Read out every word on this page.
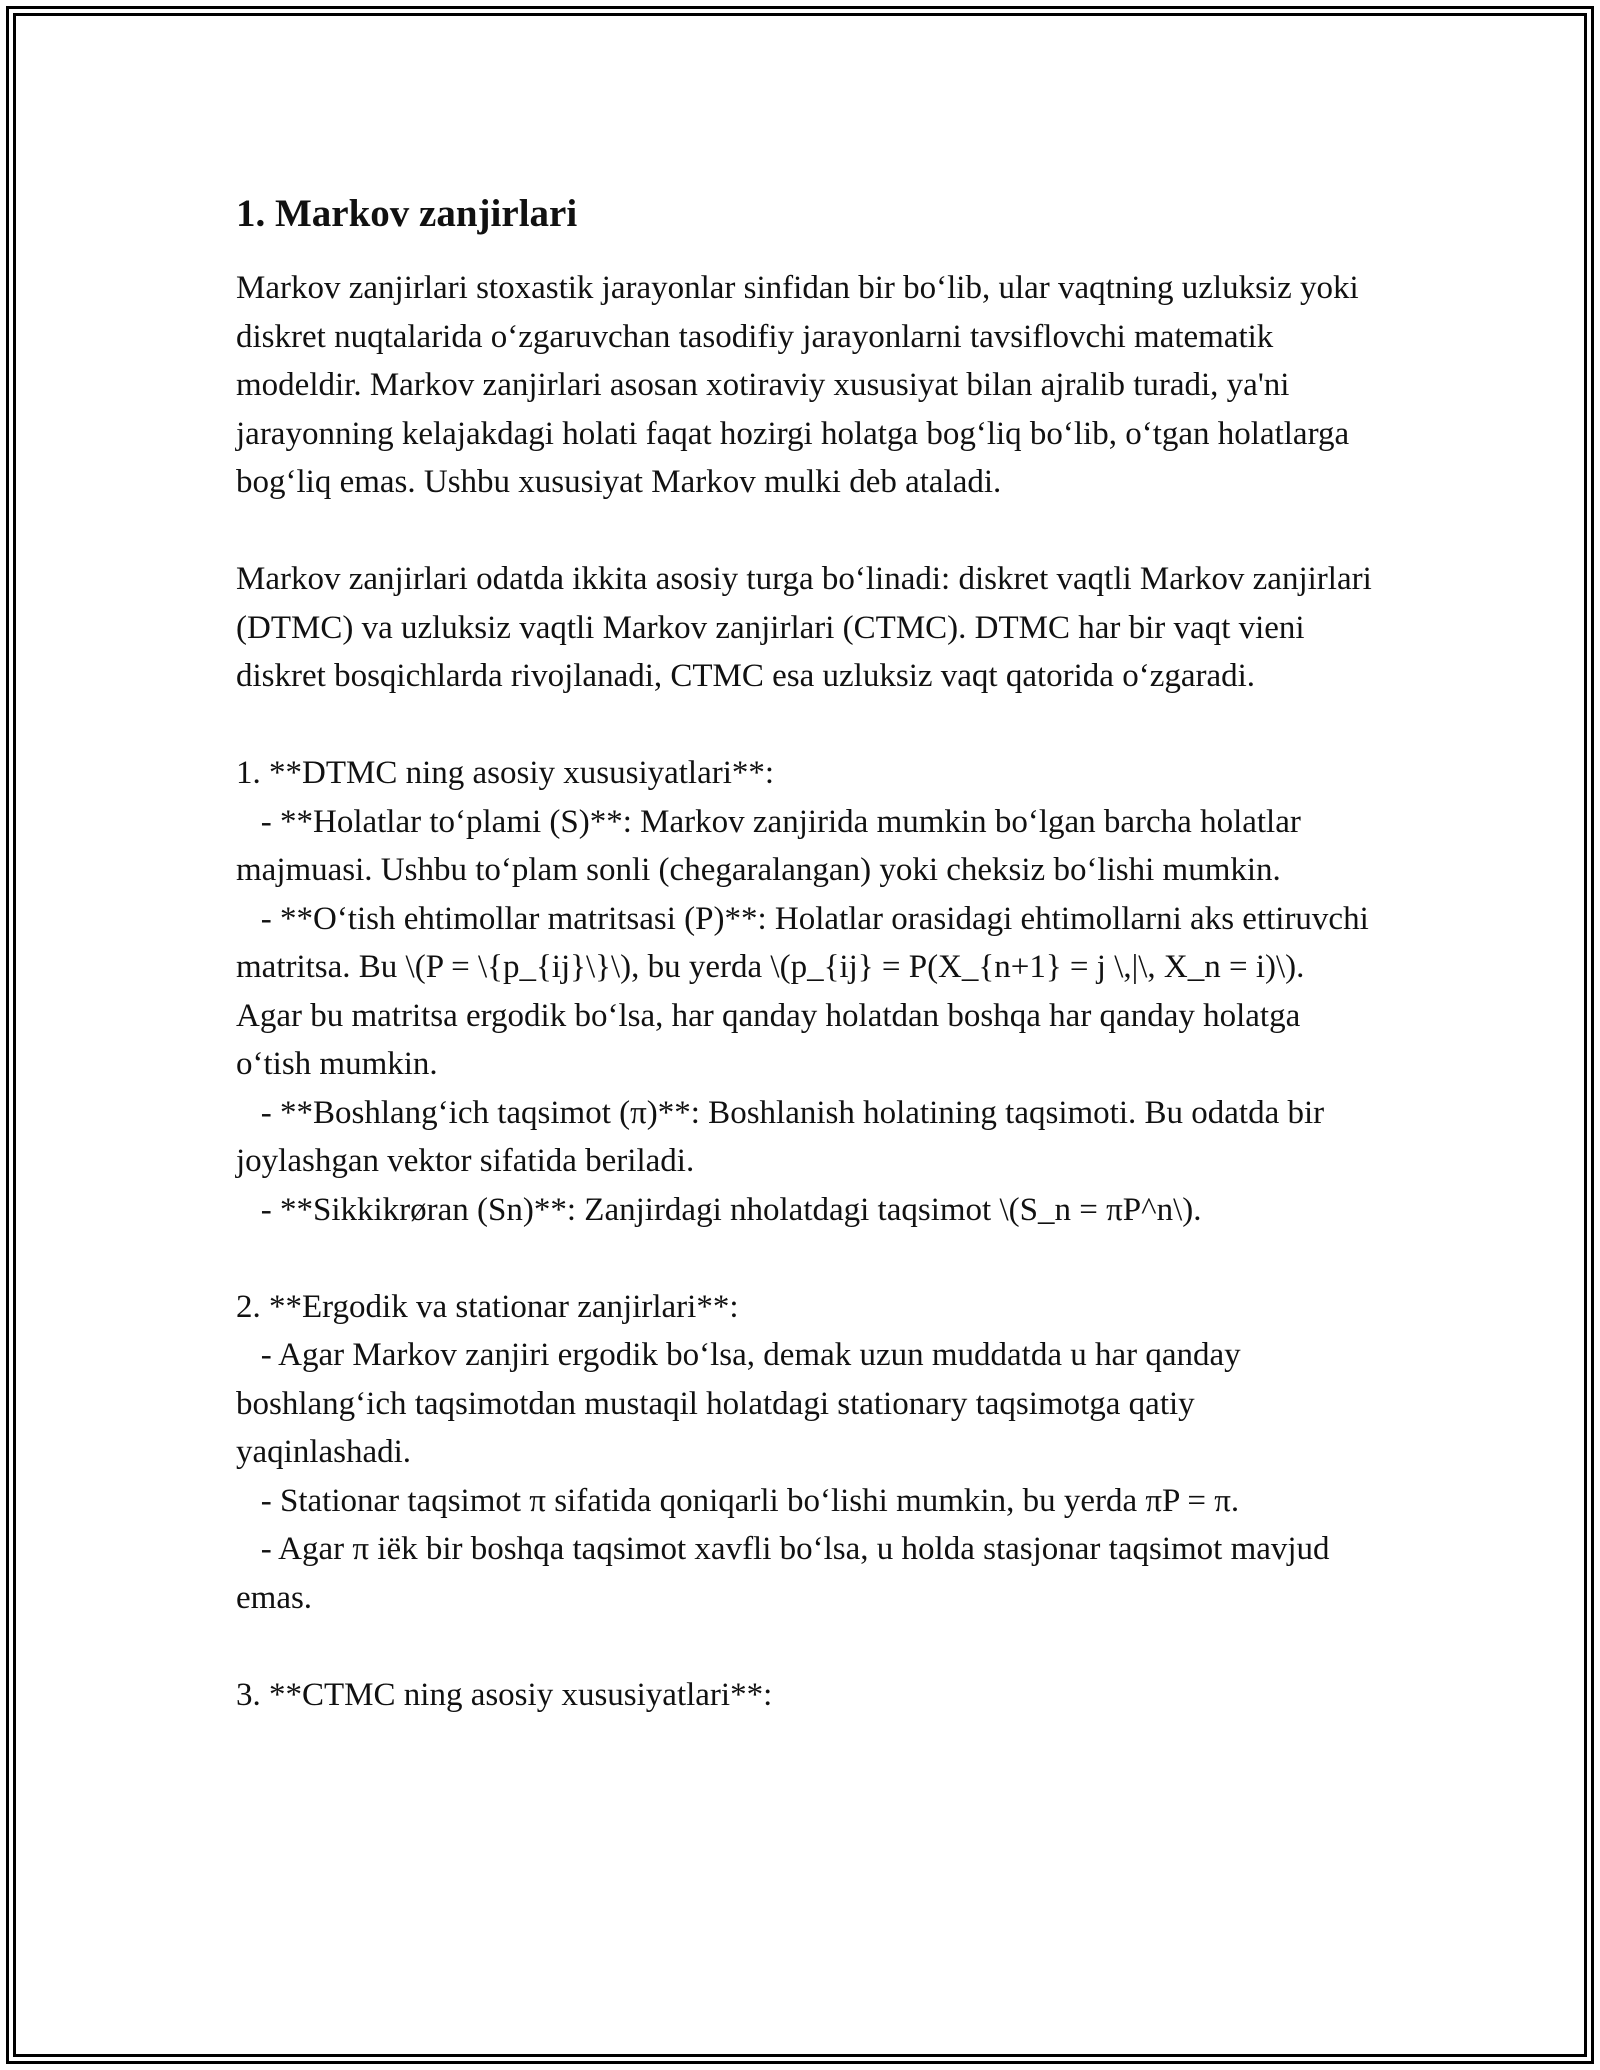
1. Markov zanjirlari

Markov zanjirlari stoxastik jarayonlar sinfidan bir bo‘lib, ular vaqtning uzluksiz yoki diskret nuqtalarida o‘zgaruvchan tasodifiy jarayonlarni tavsiflovchi matematik modeldir. Markov zanjirlari asosan xotiraviy xususiyat bilan ajralib turadi, ya'ni jarayonning kelajakdagi holati faqat hozirgi holatga bog‘liq bo‘lib, o‘tgan holatlarga bog‘liq emas. Ushbu xususiyat Markov mulki deb ataladi.

Markov zanjirlari odatda ikkita asosiy turga bo‘linadi: diskret vaqtli Markov zanjirlari (DTMC) va uzluksiz vaqtli Markov zanjirlari (CTMC). DTMC har bir vaqt vieni diskret bosqichlarda rivojlanadi, CTMC esa uzluksiz vaqt qatorida o‘zgaradi.

1. **DTMC ning asosiy xususiyatlari**:

- **Holatlar to‘plami (S)**: Markov zanjirida mumkin bo‘lgan barcha holatlar majmuasi. Ushbu to‘plam sonli (chegaralangan) yoki cheksiz bo‘lishi mumkin.

- **O‘tish ehtimollar matritsasi (P)**: Holatlar orasidagi ehtimollarni aks ettiruvchi matritsa. Bu \(P = \{p_{ij}\}\), bu yerda \(p_{ij} = P(X_{n+1} = j \,|\, X_n = i)\). Agar bu matritsa ergodik bo‘lsa, har qanday holatdan boshqa har qanday holatga o‘tish mumkin.

- **Boshlang‘ich taqsimot (π)**: Boshlanish holatining taqsimoti. Bu odatda bir joylashgan vektor sifatida beriladi.

- **Sikkikrøran (Sn)**: Zanjirdagi nholatdagi taqsimot \(S_n = πP^n\).

2. **Ergodik va stationar zanjirlari**:

- Agar Markov zanjiri ergodik bo‘lsa, demak uzun muddatda u har qanday boshlang‘ich taqsimotdan mustaqil holatdagi stationary taqsimotga qatiy yaqinlashadi.

- Stationar taqsimot π sifatida qoniqarli bo‘lishi mumkin, bu yerda πP = π.

- Agar π iёk bir boshqa taqsimot xavfli bo‘lsa, u holda stasjonar taqsimot mavjud emas.

3. **CTMC ning asosiy xususiyatlari**:
